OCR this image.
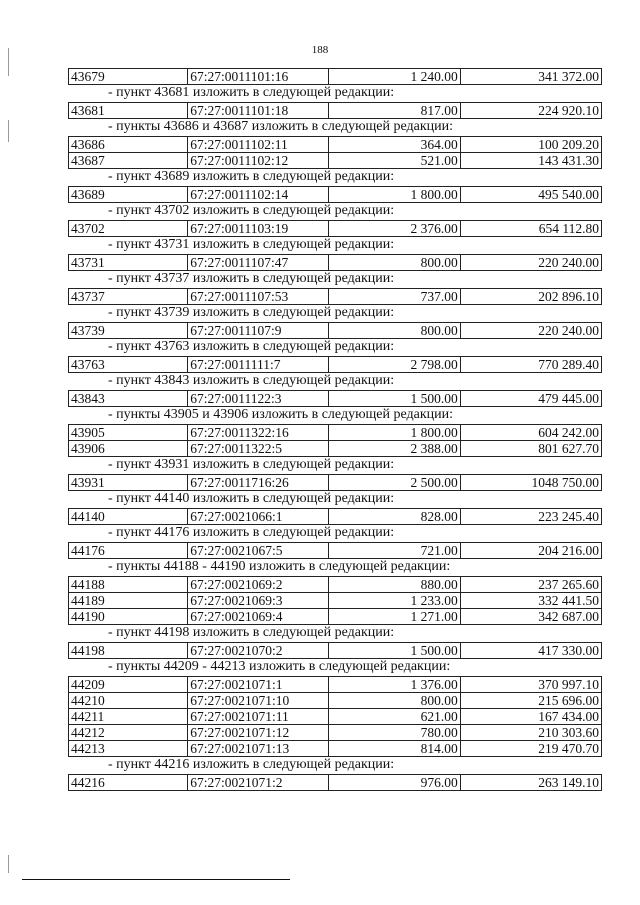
188
43679	67:27:0011101:16	1 240.00	341 372.00
- пункт 43681 изложить в следующей редакции:
43681	67:27:0011101:18	817.00	224 920.10
- пункты 43686 и 43687 изложить в следующей редакции:
43686	67:27:0011102:11	364.00	100 209.20
43687	67:27:0011102:12	521.00	143 431.30
- пункт 43689 изложить в следующей редакции:
43689	67:27:0011102:14	1 800.00	495 540.00
- пункт 43702 изложить в следующей редакции:
43702	67:27:0011103:19	2 376.00	654 112.80
- пункт 43731 изложить в следующей редакции:
43731	67:27:0011107:47	800.00	220 240.00
- пункт 43737 изложить в следующей редакции:
43737	67:27:0011107:53	737.00	202 896.10
- пункт 43739 изложить в следующей редакции:
43739	67:27:0011107:9	800.00	220 240.00
- пункт 43763 изложить в следующей редакции:
43763	67:27:0011111:7	2 798.00	770 289.40
- пункт 43843 изложить в следующей редакции:
43843	67:27:0011122:3	1 500.00	479 445.00
- пункты 43905 и 43906 изложить в следующей редакции:
43905	67:27:0011322:16	1 800.00	604 242.00
43906	67:27:0011322:5	2 388.00	801 627.70
- пункт 43931 изложить в следующей редакции:
43931	67:27:0011716:26	2 500.00	1048 750.00
- пункт 44140 изложить в следующей редакции:
44140	67:27:0021066:1	828.00	223 245.40
- пункт 44176 изложить в следующей редакции:
44176	67:27:0021067:5	721.00	204 216.00
- пункты 44188 - 44190 изложить в следующей редакции:
44188	67:27:0021069:2	880.00	237 265.60
44189	67:27:0021069:3	1 233.00	332 441.50
44190	67:27:0021069:4	1 271.00	342 687.00
- пункт 44198 изложить в следующей редакции:
44198	67:27:0021070:2	1 500.00	417 330.00
- пункты 44209 - 44213 изложить в следующей редакции:
44209	67:27:0021071:1	1 376.00	370 997.10
44210	67:27:0021071:10	800.00	215 696.00
44211	67:27:0021071:11	621.00	167 434.00
44212	67:27:0021071:12	780.00	210 303.60
44213	67:27:0021071:13	814.00	219 470.70
- пункт 44216 изложить в следующей редакции:
44216	67:27:0021071:2	976.00	263 149.10
